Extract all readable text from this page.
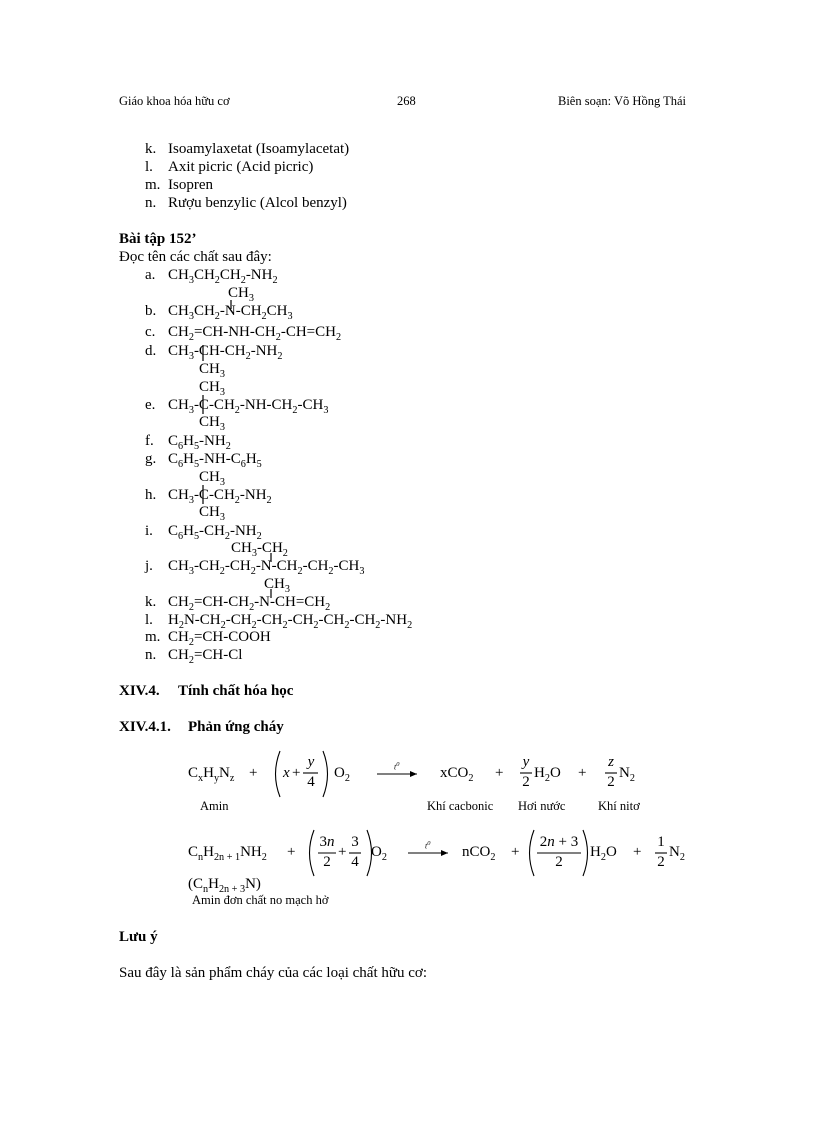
Giáo khoa hóa hữu cơ	268	Biên soạn: Võ Hồng Thái
k. Isoamylaxetat (Isoamylacetat)
l. Axit picric (Acid picric)
m. Isopren
n. Rượu benzylic (Alcol benzyl)
Bài tập 152’
Đọc tên các chất sau đây:
a. $CH_3CH_2CH_2-NH_2$
$CH_3$
b. $CH_3CH_2-N-CH_2CH_3$
c. $CH_2=CH-NH-CH_2-CH=CH_2$
d. $CH_3-CH-CH_2-NH_2$
$CH_3$
$CH_3$
e. $CH_3-C-CH_2-NH-CH_2-CH_3$
$CH_3$
f. $C_6H_5-NH_2$
g. $C_6H_5-NH-C_6H_5$
$CH_3$
h. $CH_3-C-CH_2-NH_2$
$CH_3$
i. $C_6H_5-CH_2-NH_2$
$CH_3-CH_2$
j. $CH_3-CH_2-CH_2-N-CH_2-CH_2-CH_3$
$CH_3$
k. $CH_2=CH-CH_2-N-CH=CH_2$
l. $H_2N-CH_2-CH_2-CH_2-CH_2-CH_2-CH_2-NH_2$
m. $CH_2=CH$-COOH
n. $CH_2=CH-Cl$
XIV.4. Tính chất hóa học
XIV.4.1. Phản ứng cháy
$C_xH_yN_z + x$ +
y
4
$O_2$
$t^0$
xCO$_2$ +
y
2
$H_2O$ +
z
2
$N_2$
Amin	Khí cacbonic Hơi nước	Khí nitơ
$C_nH_{2n + 1}NH_2$ +
3n
2
+
3
4
$O_2$
$t^0$
nCO$_2$ +
2n + 3
2
$H_2O$ +
1
2
$N_2$
$(C_nH_{2n + 3}N)$
Amin đơn chất no mạch hở
Lưu ý
Sau đây là sản phẩm cháy của các loại chất hữu cơ:
